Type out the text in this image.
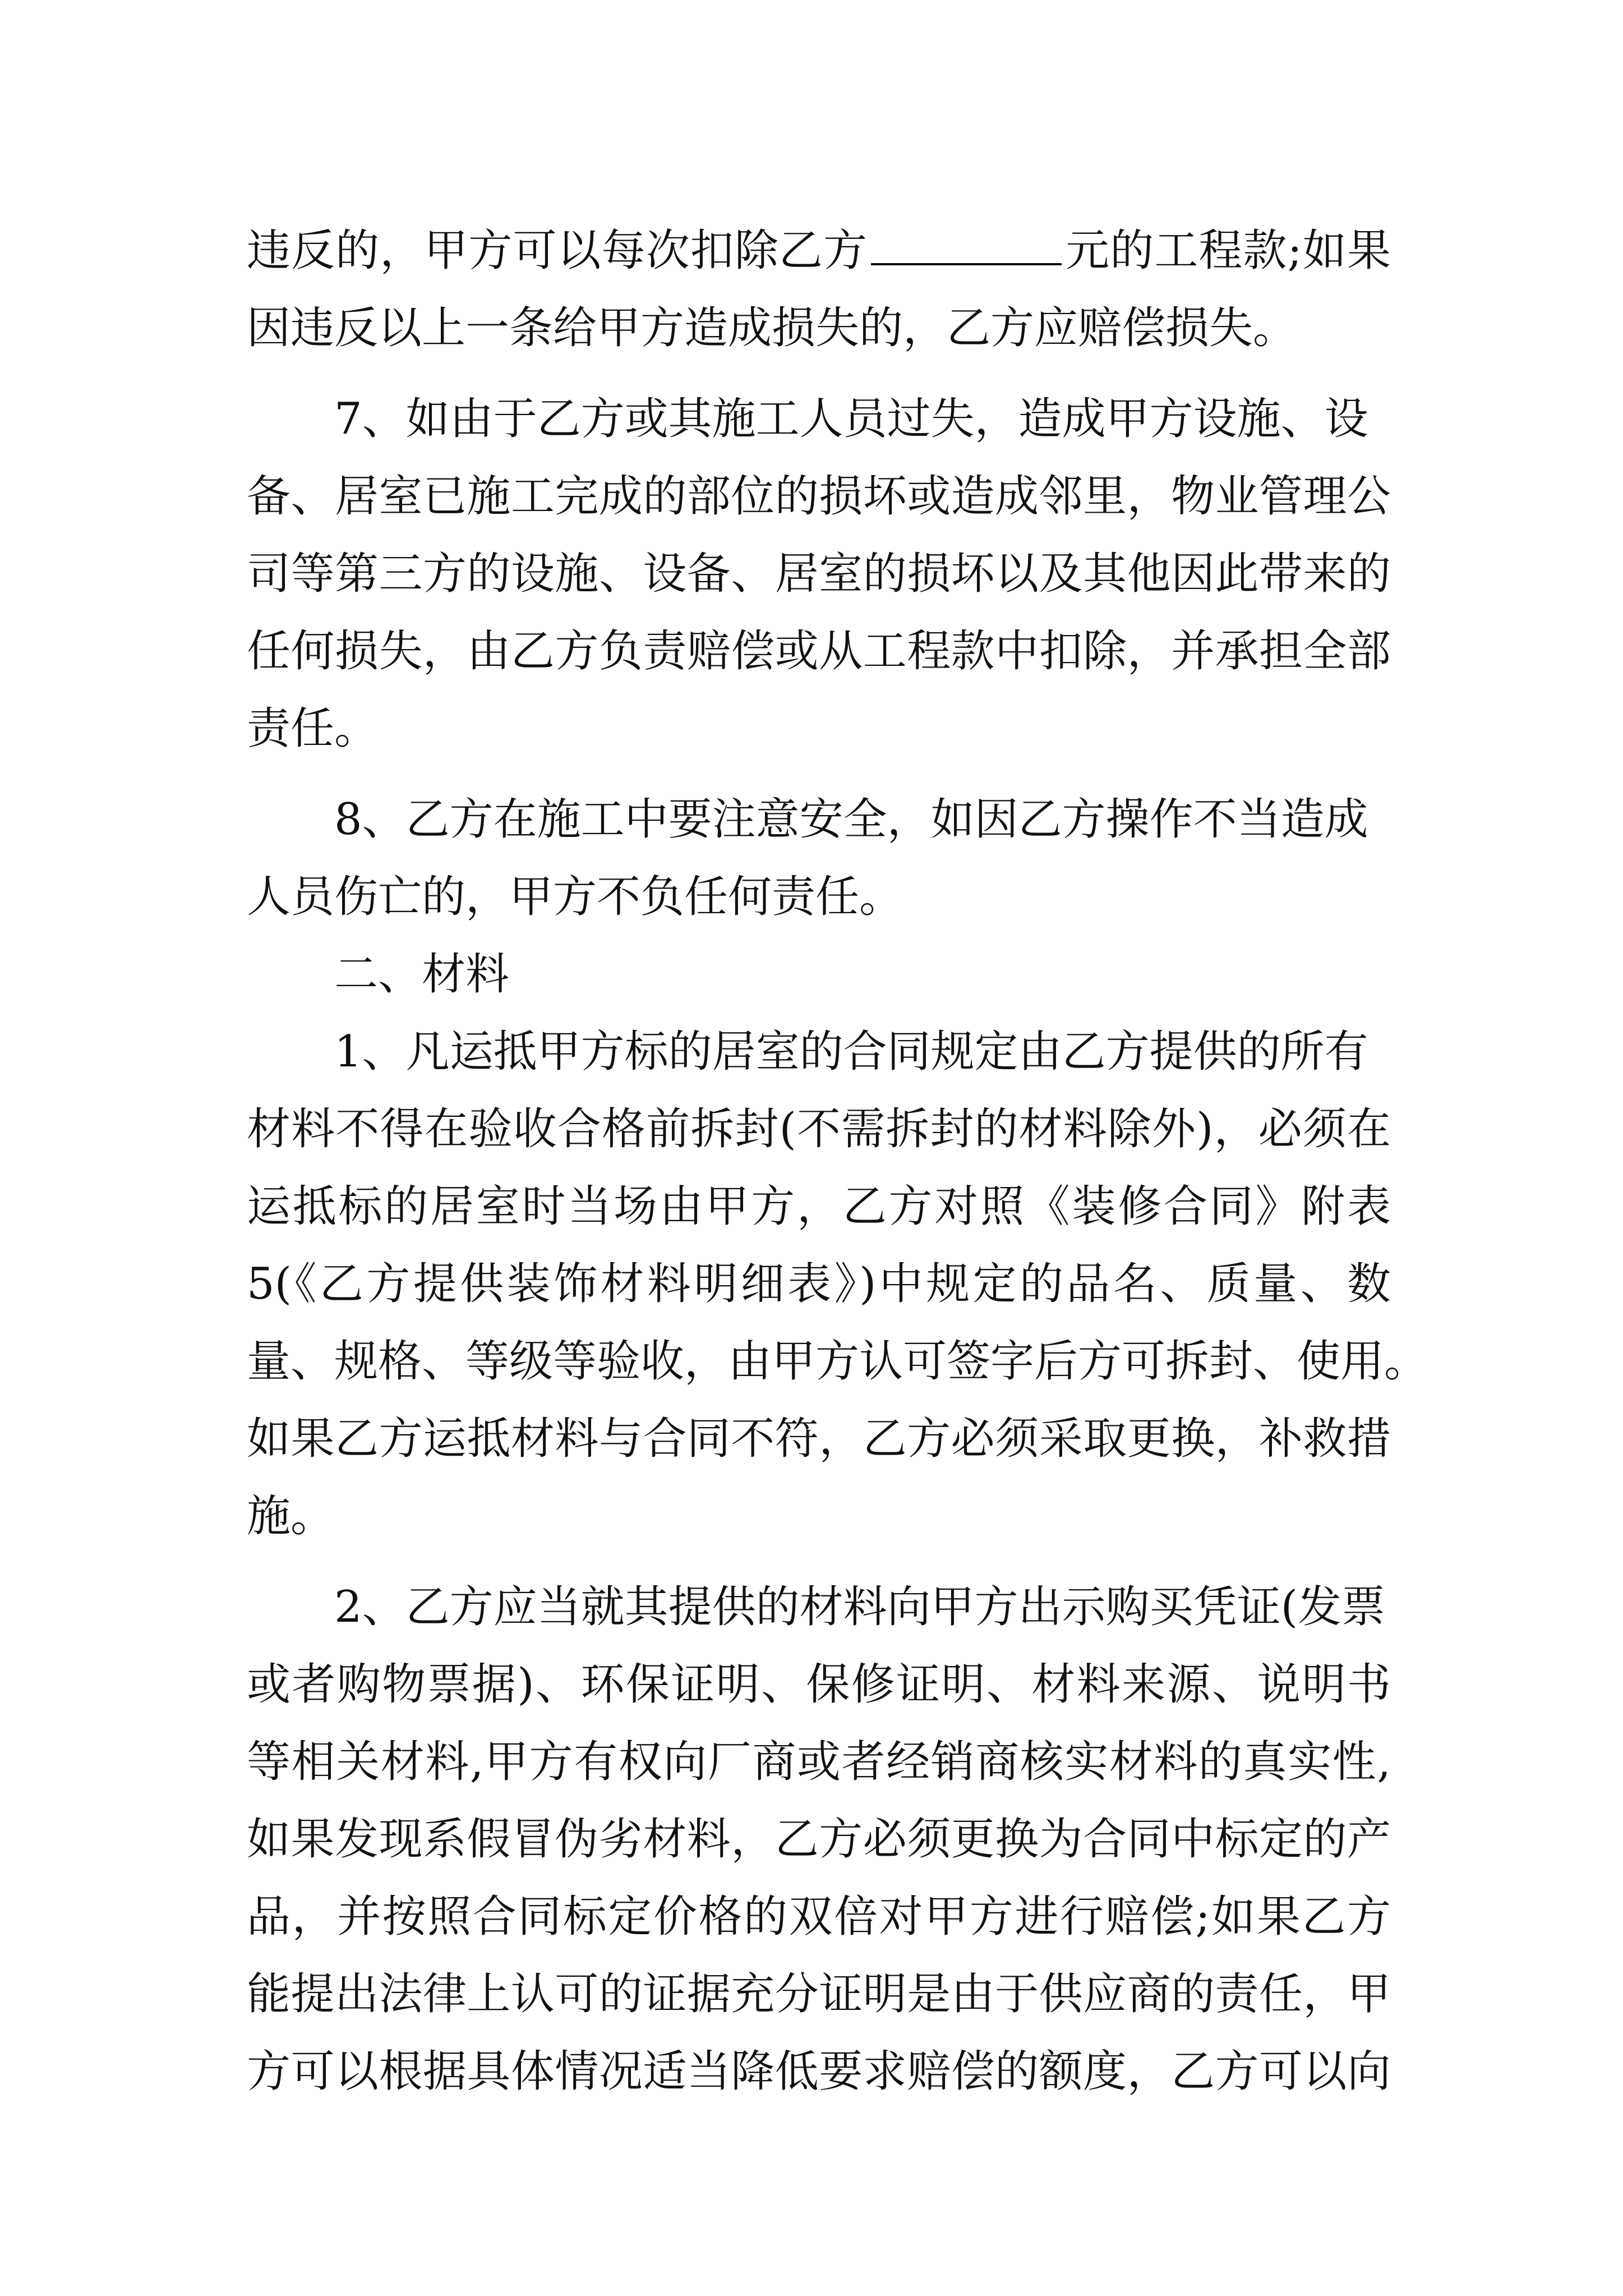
违反的，甲方可以每次扣除乙方	元的工程款;如果
因违反以上一条给甲方造成损失的，乙方应赔偿损失。
7、如由于乙方或其施工人员过失，造成甲方设施、设
备、居室已施工完成的部位的损坏或造成邻里，物业管理公
司等第三方的设施、设备、居室的损坏以及其他因此带来的
任何损失，由乙方负责赔偿或从工程款中扣除，并承担全部
责任。
8、乙方在施工中要注意安全，如因乙方操作不当造成
人员伤亡的，甲方不负任何责任。
二、材料
1、凡运抵甲方标的居室的合同规定由乙方提供的所有
材料不得在验收合格前拆封(不需拆封的材料除外)，必须在
运抵标的居室时当场由甲方，乙方对照《装修合同》附表
5(《乙方提供装饰材料明细表》)中规定的品名、质量、数
量、规格、等级等验收，由甲方认可签字后方可拆封、使用。
如果乙方运抵材料与合同不符，乙方必须采取更换，补救措
施。
2、乙方应当就其提供的材料向甲方出示购买凭证(发票
或者购物票据)、环保证明、保修证明、材料来源、说明书
等相关材料,甲方有权向厂商或者经销商核实材料的真实性,
如果发现系假冒伪劣材料，乙方必须更换为合同中标定的产
品，并按照合同标定价格的双倍对甲方进行赔偿;如果乙方
能提出法律上认可的证据充分证明是由于供应商的责任，甲
方可以根据具体情况适当降低要求赔偿的额度，乙方可以向
